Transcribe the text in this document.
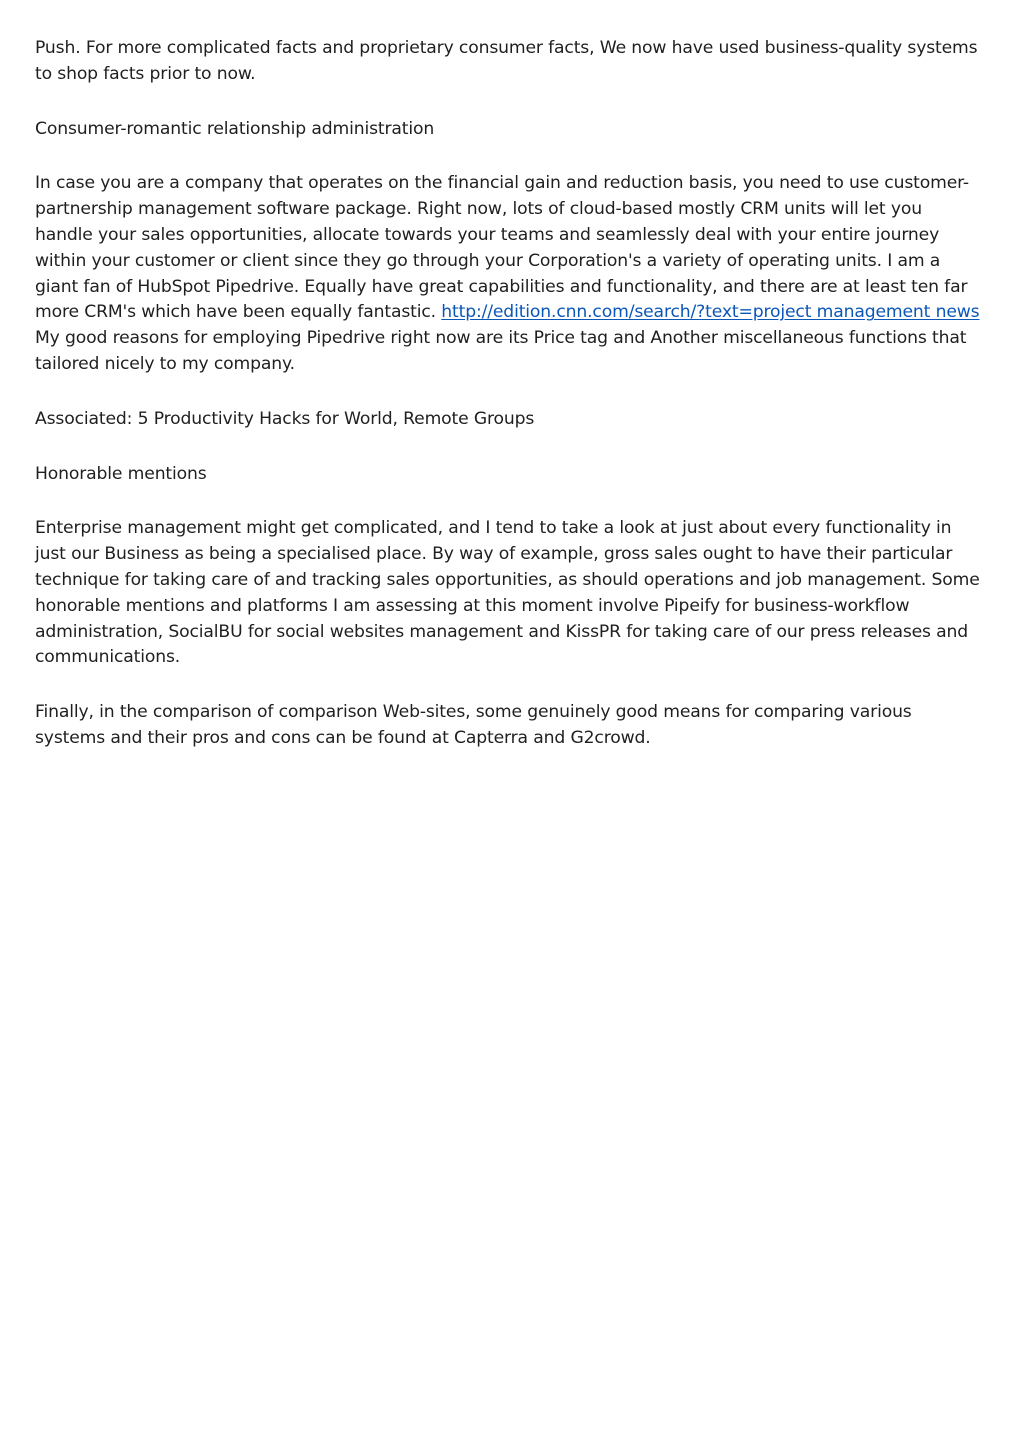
Push. For more complicated facts and proprietary consumer facts, We now have used business-quality systems to shop facts prior to now.

Consumer-romantic relationship administration

In case you are a company that operates on the financial gain and reduction basis, you need to use customer-partnership management software package. Right now, lots of cloud-based mostly CRM units will let you handle your sales opportunities, allocate towards your teams and seamlessly deal with your entire journey within your customer or client since they go through your Corporation's a variety of operating units. I am a giant fan of HubSpot Pipedrive. Equally have great capabilities and functionality, and there are at least ten far more CRM's which have been equally fantastic. http://edition.cnn.com/search/?text=project management news My good reasons for employing Pipedrive right now are its Price tag and Another miscellaneous functions that tailored nicely to my company.

Associated: 5 Productivity Hacks for World, Remote Groups

Honorable mentions

Enterprise management might get complicated, and I tend to take a look at just about every functionality in just our Business as being a specialised place. By way of example, gross sales ought to have their particular technique for taking care of and tracking sales opportunities, as should operations and job management. Some honorable mentions and platforms I am assessing at this moment involve Pipeify for business-workflow administration, SocialBU for social websites management and KissPR for taking care of our press releases and communications.

Finally, in the comparison of comparison Web-sites, some genuinely good means for comparing various systems and their pros and cons can be found at Capterra and G2crowd.
